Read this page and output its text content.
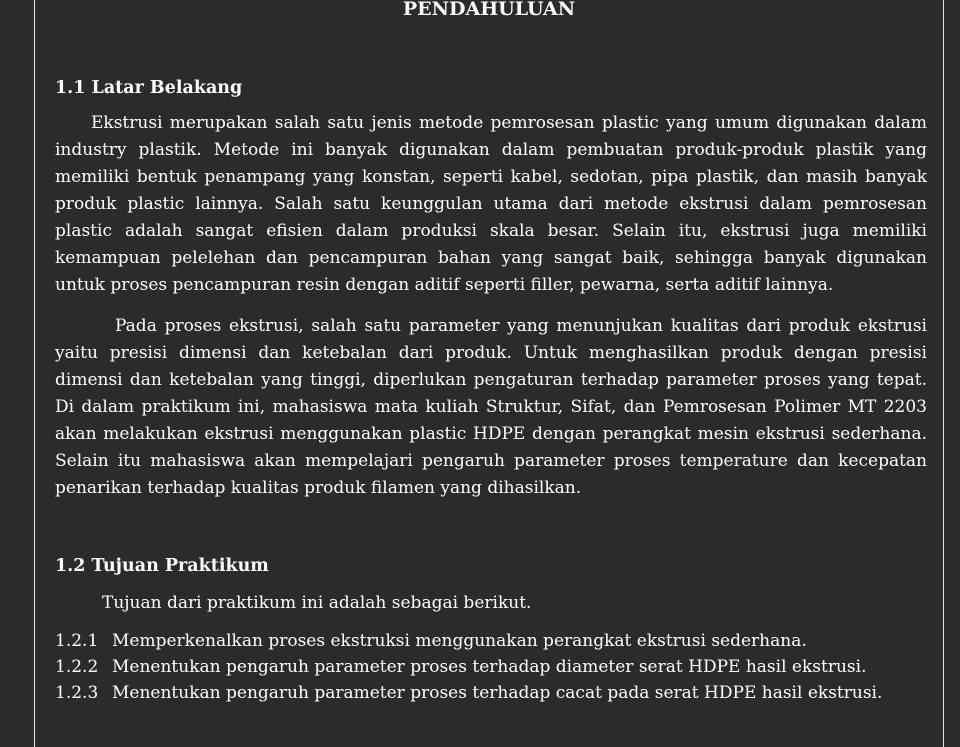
PENDAHULUAN
1.1 Latar Belakang

Ekstrusi merupakan salah satu jenis metode pemrosesan plastic yang umum digunakan dalam industry plastik. Metode ini banyak digunakan dalam pembuatan produk-produk plastik yang memiliki bentuk penampang yang konstan, seperti kabel, sedotan, pipa plastik, dan masih banyak produk plastic lainnya. Salah satu keunggulan utama dari metode ekstrusi dalam pemrosesan plastic adalah sangat efisien dalam produksi skala besar. Selain itu, ekstrusi juga memiliki kemampuan pelelehan dan pencampuran bahan yang sangat baik, sehingga banyak digunakan untuk proses pencampuran resin dengan aditif seperti filler, pewarna, serta aditif lainnya.

Pada proses ekstrusi, salah satu parameter yang menunjukan kualitas dari produk ekstrusi yaitu presisi dimensi dan ketebalan dari produk. Untuk menghasilkan produk dengan presisi dimensi dan ketebalan yang tinggi, diperlukan pengaturan terhadap parameter proses yang tepat. Di dalam praktikum ini, mahasiswa mata kuliah Struktur, Sifat, dan Pemrosesan Polimer MT 2203 akan melakukan ekstrusi menggunakan plastic HDPE dengan perangkat mesin ekstrusi sederhana. Selain itu mahasiswa akan mempelajari pengaruh parameter proses temperature dan kecepatan penarikan terhadap kualitas produk filamen yang dihasilkan.

1.2 Tujuan Praktikum
Tujuan dari praktikum ini adalah sebagai berikut.
1.2.1 Memperkenalkan proses ekstruksi menggunakan perangkat ekstrusi sederhana.
1.2.2 Menentukan pengaruh parameter proses terhadap diameter serat HDPE hasil ekstrusi.
1.2.3 Menentukan pengaruh parameter proses terhadap cacat pada serat HDPE hasil ekstrusi.
